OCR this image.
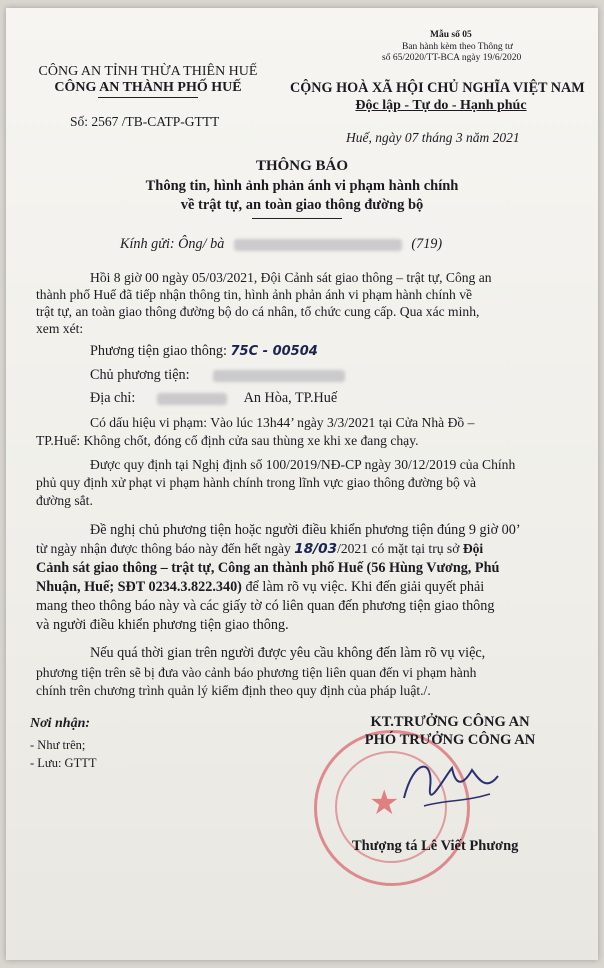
Mẫu số 05
Ban hành kèm theo Thông tư
số 65/2020/TT-BCA ngày 19/6/2020
CÔNG AN TỈNH THỪA THIÊN HUẾ
CÔNG AN THÀNH PHỐ HUẾ
Số: 2567 /TB-CATP-GTTT
CỘNG HOÀ XÃ HỘI CHỦ NGHĨA VIỆT NAM
Độc lập - Tự do - Hạnh phúc
Huế, ngày 07 tháng 3 năm 2021
THÔNG BÁO
Thông tin, hình ảnh phản ánh vi phạm hành chính
về trật tự, an toàn giao thông đường bộ
Kính gửi: Ông/ bà	(719)
Hồi 8 giờ 00 ngày 05/03/2021, Đội Cảnh sát giao thông – trật tự, Công an
thành phố Huế đã tiếp nhận thông tin, hình ảnh phản ánh vi phạm hành chính về
trật tự, an toàn giao thông đường bộ do cá nhân, tổ chức cung cấp. Qua xác minh,
xem xét:
Phương tiện giao thông: 75C - 00504
Chủ phương tiện:
Địa chỉ:	An Hòa, TP.Huế
Có dấu hiệu vi phạm: Vào lúc 13h44’ ngày 3/3/2021 tại Cửa Nhà Đồ –
TP.Huế: Không chốt, đóng cố định cửa sau thùng xe khi xe đang chạy.
Được quy định tại Nghị định số 100/2019/NĐ-CP ngày 30/12/2019 của Chính
phủ quy định xử phạt vi phạm hành chính trong lĩnh vực giao thông đường bộ và
đường sắt.
Đề nghị chủ phương tiện hoặc người điều khiển phương tiện đúng 9 giờ 00’
từ ngày nhận được thông báo này đến hết ngày 18/03/2021 có mặt tại trụ sở Đội
Cảnh sát giao thông – trật tự, Công an thành phố Huế (56 Hùng Vương, Phú
Nhuận, Huế; SĐT 0234.3.822.340) để làm rõ vụ việc. Khi đến giải quyết phải
mang theo thông báo này và các giấy tờ có liên quan đến phương tiện giao thông
và người điều khiển phương tiện giao thông.
Nếu quá thời gian trên người được yêu cầu không đến làm rõ vụ việc,
phương tiện trên sẽ bị đưa vào cảnh báo phương tiện liên quan đến vi phạm hành
chính trên chương trình quản lý kiểm định theo quy định của pháp luật./.
Nơi nhận:
- Như trên;
- Lưu: GTTT
★
KT.TRƯỞNG CÔNG AN
PHÓ TRƯỞNG CÔNG AN
Thượng tá Lê Viết Phương
